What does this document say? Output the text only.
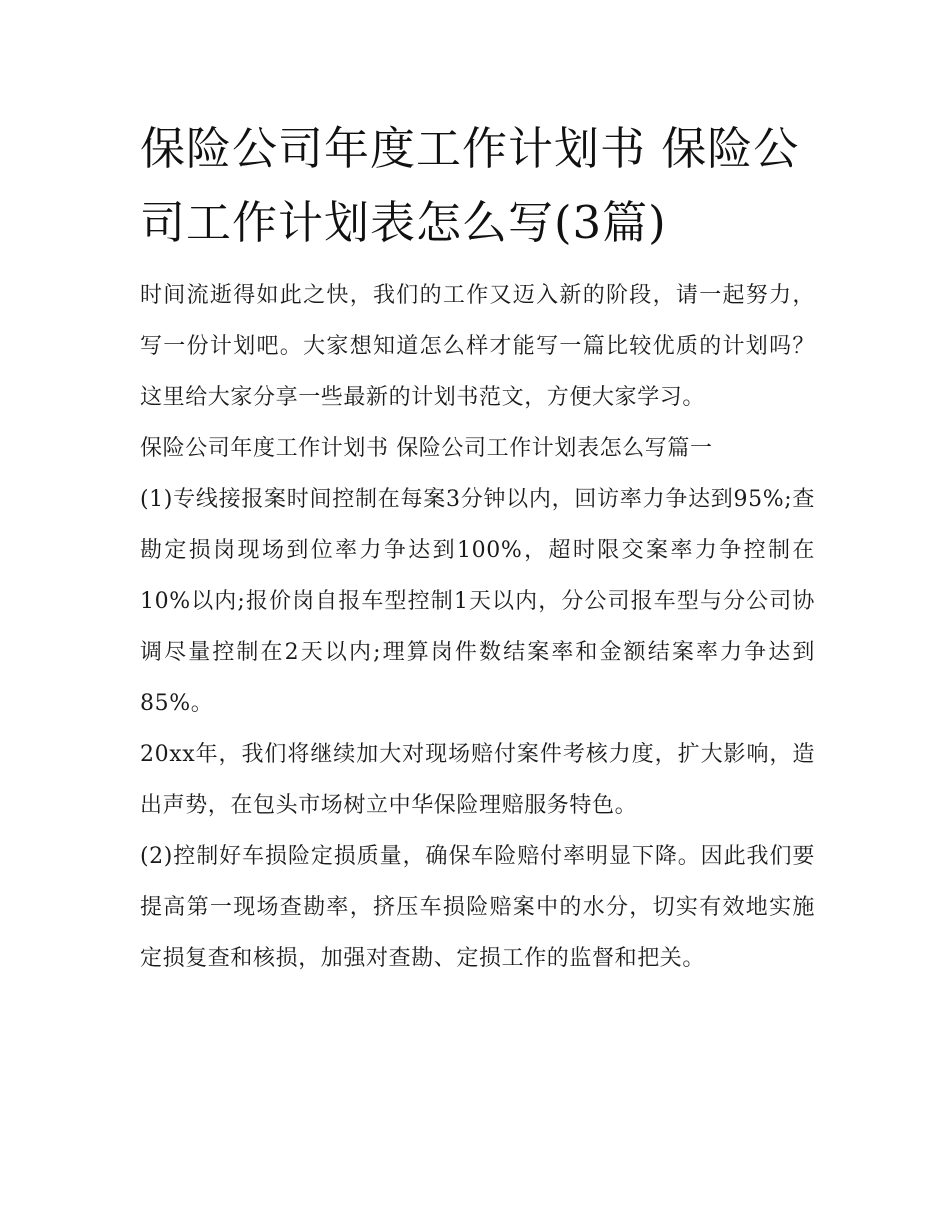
保险公司年度工作计划书 保险公司工作计划表怎么写(3篇)

时间流逝得如此之快，我们的工作又迈入新的阶段，请一起努力，写一份计划吧。大家想知道怎么样才能写一篇比较优质的计划吗？这里给大家分享一些最新的计划书范文，方便大家学习。

保险公司年度工作计划书 保险公司工作计划表怎么写篇一

(1)专线接报案时间控制在每案3分钟以内，回访率力争达到95%;查勘定损岗现场到位率力争达到100%，超时限交案率力争控制在10%以内;报价岗自报车型控制1天以内，分公司报车型与分公司协调尽量控制在2天以内;理算岗件数结案率和金额结案率力争达到85%。

20xx年，我们将继续加大对现场赔付案件考核力度，扩大影响，造出声势，在包头市场树立中华保险理赔服务特色。

(2)控制好车损险定损质量，确保车险赔付率明显下降。因此我们要提高第一现场查勘率，挤压车损险赔案中的水分，切实有效地实施定损复查和核损，加强对查勘、定损工作的监督和把关。
